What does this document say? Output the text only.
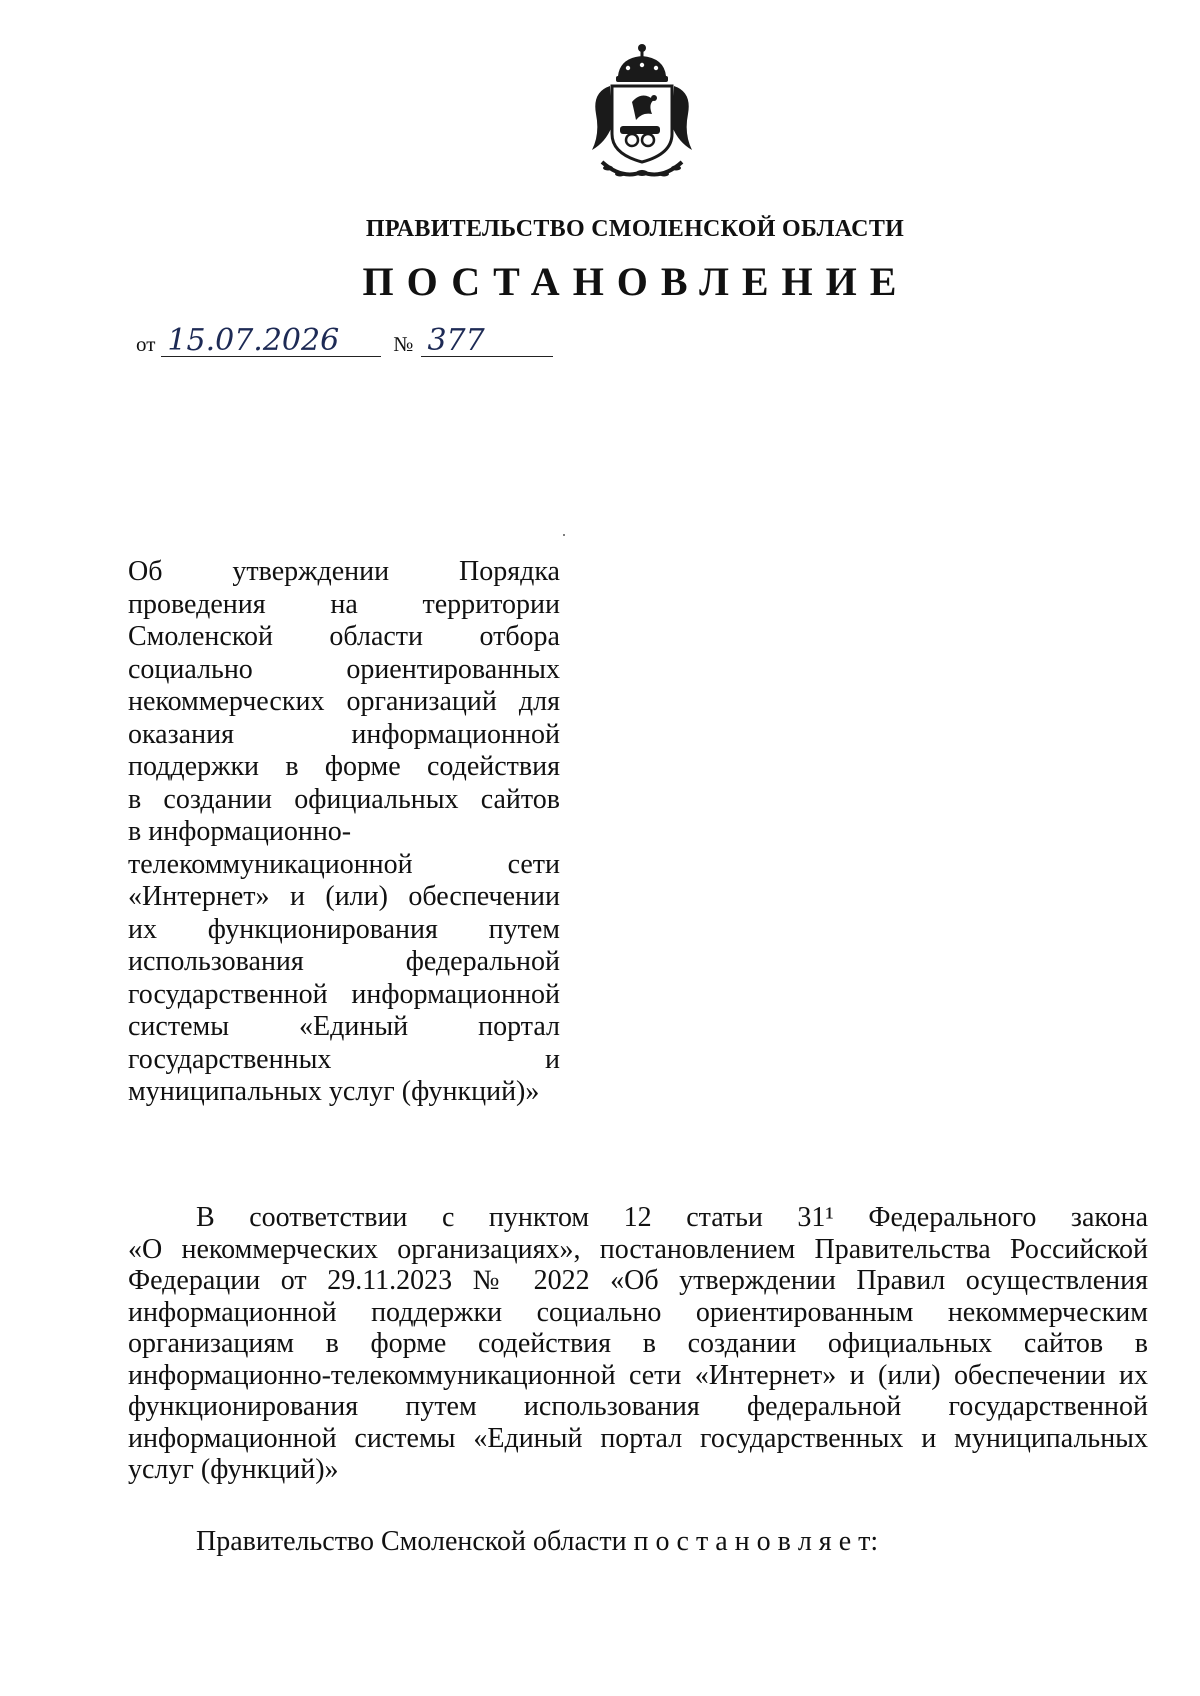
ПРАВИТЕЛЬСТВО СМОЛЕНСКОЙ ОБЛАСТИ
ПОСТАНОВЛЕНИЕ
от 15.07.2026	№ 377
Об утверждении Порядка
проведения на территории
Смоленской области отбора
социально ориентированных
некоммерческих организаций для
оказания информационной
поддержки в форме содействия
в создании официальных сайтов
в информационно-
телекоммуникационной сети
«Интернет» и (или) обеспечении
их функционирования путем
использования федеральной
государственной информационной
системы «Единый портал
государственных и
муниципальных услуг (функций)»
В соответствии с пунктом 12 статьи 31¹ Федерального закона
«О некоммерческих организациях», постановлением Правительства Российской
Федерации от 29.11.2023 № 2022 «Об утверждении Правил осуществления
информационной поддержки социально ориентированным некоммерческим
организациям в форме содействия в создании официальных сайтов в
информационно-телекоммуникационной сети «Интернет» и (или) обеспечении их
функционирования путем использования федеральной государственной
информационной системы «Единый портал государственных и муниципальных
услуг (функций)»
Правительство Смоленской области п о с т а н о в л я е т:
